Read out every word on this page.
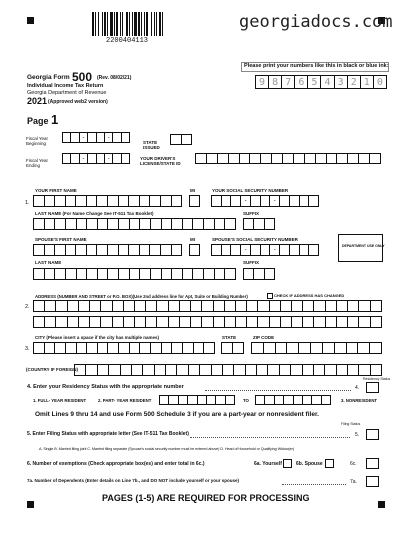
2200404113
georgiadocs.com
Please print your numbers like this in black or blue ink:
9 8 7 6 5 4 3 2 1 0
Georgia Form 500 (Rev. 08/02/21)
Individual Income Tax Return
Georgia Department of Revenue
2021 (Approved web2 version)
Page 1
Fiscal Year Beginning
-	-
Fiscal Year Ending
-	-
STATE ISSUED
YOUR DRIVER'S LICENSE/STATE ID
YOUR FIRST NAME	MI	YOUR SOCIAL SECURITY NUMBER
1.	-	-
LAST NAME (For Name Change See IT-511 Tax Booklet)	SUFFIX
SPOUSE'S FIRST NAME	MI	SPOUSE'S SOCIAL SECURITY NUMBER
-	-
DEPARTMENT USE ONLY
LAST NAME	SUFFIX
ADDRESS (NUMBER AND STREET or P.O. BOX)(Use 2nd address line for Apt, Suite or Building Number)	CHECK IF ADDRESS HAS CHANGED
2.
CITY (Please insert a space if the city has multiple names)	STATE	ZIP CODE
3.
(COUNTRY IF FOREIGN)
Residency Status
4. Enter your Residency Status with the appropriate number	4.
1. FULL- YEAR RESIDENT	2. PART- YEAR RESIDENT	TO	3. NONRESIDENT
Omit Lines 9 thru 14 and use Form 500 Schedule 3 if you are a part-year or nonresident filer.
Filing Status
5. Enter Filing Status with appropriate letter (See IT-511 Tax Booklet)	5.
A. Single B. Married filing joint C. Married filing separate (Spouse's social security number must be entered above) D. Head of Household or Qualifying Widow(er)
6. Number of exemptions (Check appropriate box(es) and enter total in 6c.)	6a. Yourself	6b. Spouse	6c.
7a. Number of Dependents (Enter details on Line 7b., and DO NOT include yourself or your spouse)	7a.
PAGES (1-5) ARE REQUIRED FOR PROCESSING
